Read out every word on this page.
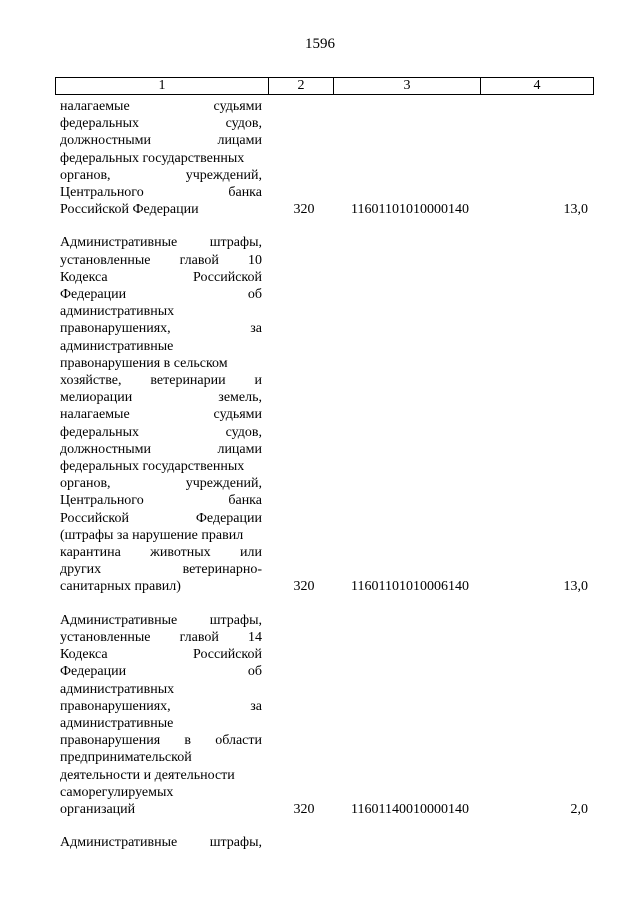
1596
1	2	3	4
налагаемые судьями
федеральных судов,
должностными лицами
федеральных государственных
органов, учреждений,
Центрального банка
Российской Федерации	320	11601101010000140	13,0
Административные штрафы,
установленные главой 10
Кодекса Российской
Федерации об
административных
правонарушениях, за
административные
правонарушения в сельском
хозяйстве, ветеринарии и
мелиорации земель,
налагаемые судьями
федеральных судов,
должностными лицами
федеральных государственных
органов, учреждений,
Центрального банка
Российской Федерации
(штрафы за нарушение правил
карантина животных или
других ветеринарно-
санитарных правил)	320	11601101010006140	13,0
Административные штрафы,
установленные главой 14
Кодекса Российской
Федерации об
административных
правонарушениях, за
административные
правонарушения в области
предпринимательской
деятельности и деятельности
саморегулируемых
организаций	320	11601140010000140	2,0
Административные штрафы,
